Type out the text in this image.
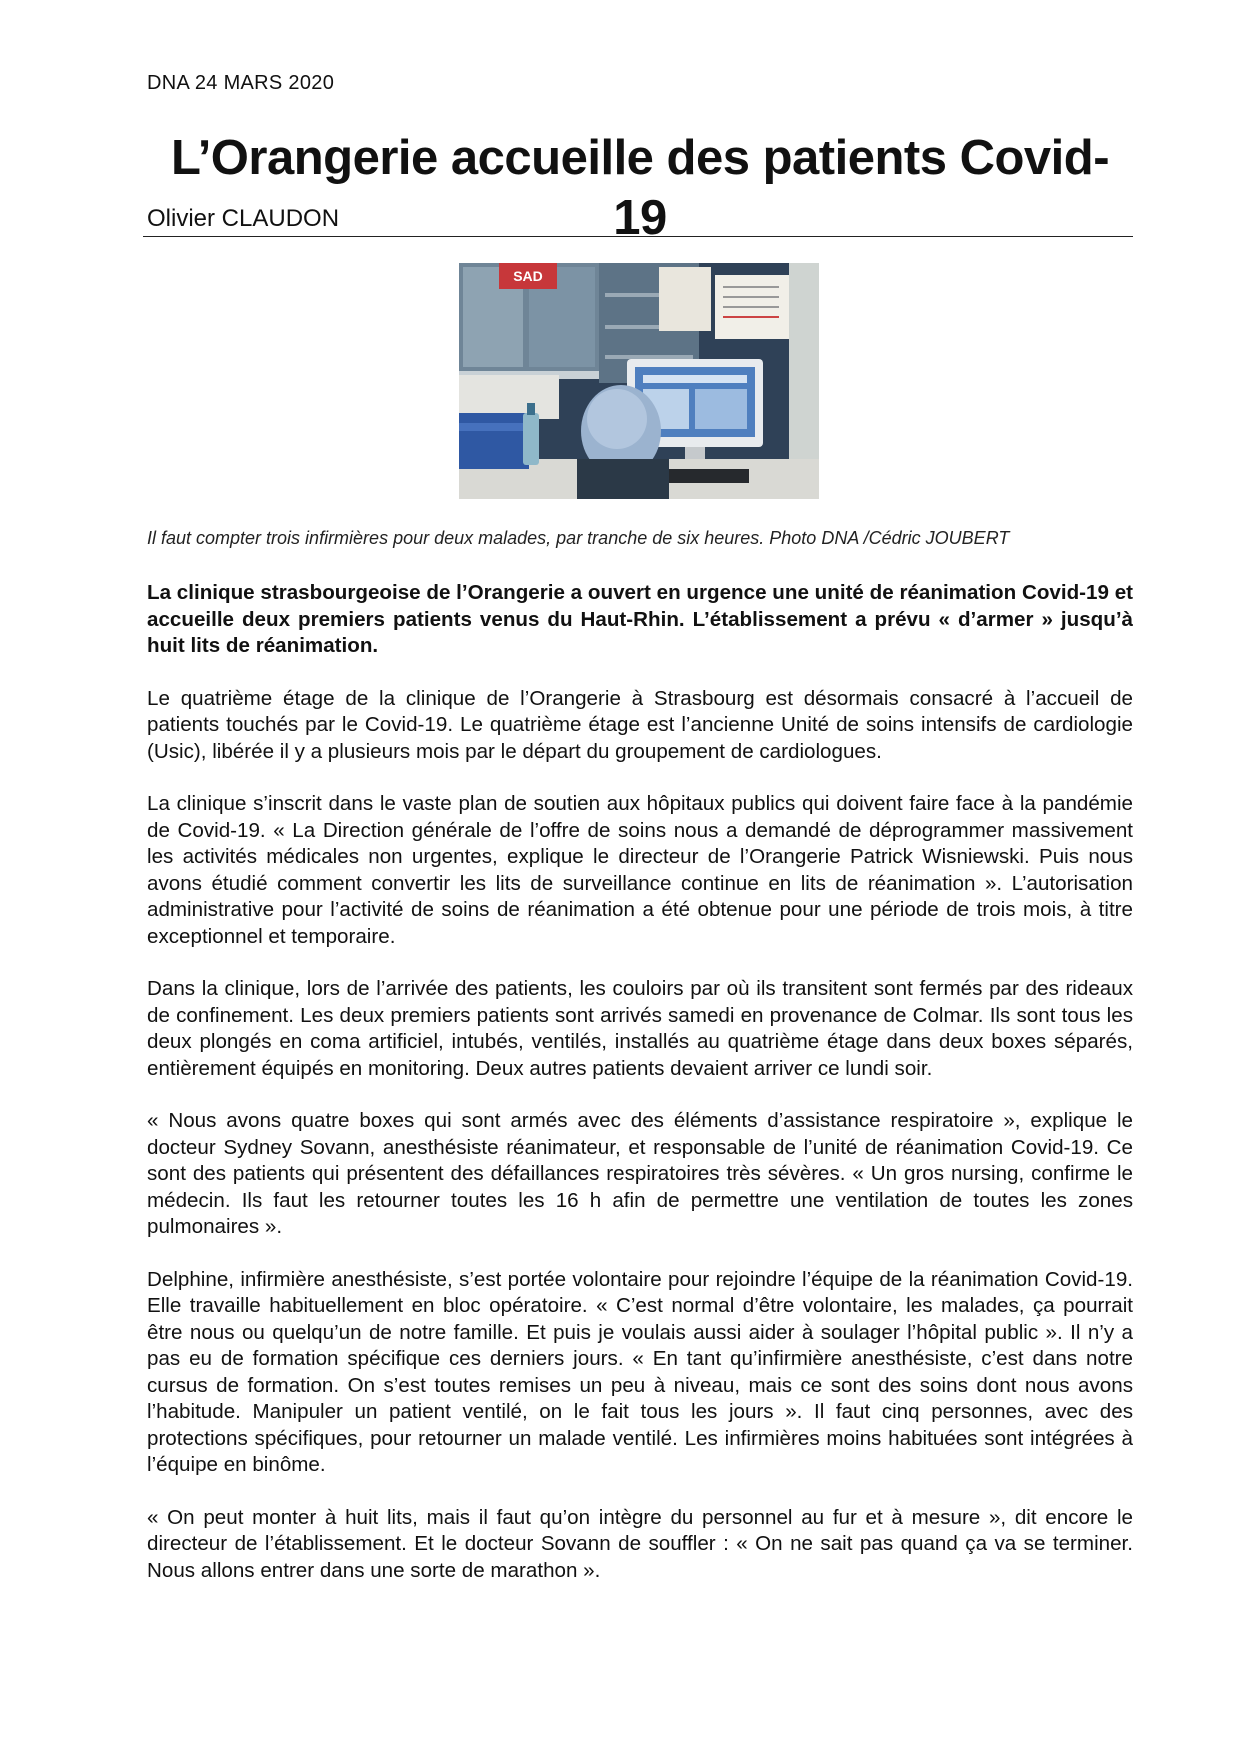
DNA 24 MARS 2020
L’Orangerie accueille des patients Covid-19
Olivier CLAUDON
SAD
Il faut compter trois infirmières pour deux malades, par tranche de six heures. Photo DNA /Cédric JOUBERT

La clinique strasbourgeoise de l’Orangerie a ouvert en urgence une unité de réanimation Covid-19 et accueille deux premiers patients venus du Haut-Rhin. L’établissement a prévu « d’armer » jusqu’à huit lits de réanimation.

Le quatrième étage de la clinique de l’Orangerie à Strasbourg est désormais consacré à l’accueil de patients touchés par le Covid-19. Le quatrième étage est l’ancienne Unité de soins intensifs de cardiologie (Usic), libérée il y a plusieurs mois par le départ du groupement de cardiologues.

La clinique s’inscrit dans le vaste plan de soutien aux hôpitaux publics qui doivent faire face à la pandémie de Covid-19. « La Direction générale de l’offre de soins nous a demandé de déprogrammer massivement les activités médicales non urgentes, explique le directeur de l’Orangerie Patrick Wisniewski. Puis nous avons étudié comment convertir les lits de surveillance continue en lits de réanimation ». L’autorisation administrative pour l’activité de soins de réanimation a été obtenue pour une période de trois mois, à titre exceptionnel et temporaire.

Dans la clinique, lors de l’arrivée des patients, les couloirs par où ils transitent sont fermés par des rideaux de confinement. Les deux premiers patients sont arrivés samedi en provenance de Colmar. Ils sont tous les deux plongés en coma artificiel, intubés, ventilés, installés au quatrième étage dans deux boxes séparés, entièrement équipés en monitoring. Deux autres patients devaient arriver ce lundi soir.

« Nous avons quatre boxes qui sont armés avec des éléments d’assistance respiratoire », explique le docteur Sydney Sovann, anesthésiste réanimateur, et responsable de l’unité de réanimation Covid-19. Ce sont des patients qui présentent des défaillances respiratoires très sévères. « Un gros nursing, confirme le médecin. Ils faut les retourner toutes les 16 h afin de permettre une ventilation de toutes les zones pulmonaires ».

Delphine, infirmière anesthésiste, s’est portée volontaire pour rejoindre l’équipe de la réanimation Covid-19. Elle travaille habituellement en bloc opératoire. « C’est normal d’être volontaire, les malades, ça pourrait être nous ou quelqu’un de notre famille. Et puis je voulais aussi aider à soulager l’hôpital public ». Il n’y a pas eu de formation spécifique ces derniers jours. « En tant qu’infirmière anesthésiste, c’est dans notre cursus de formation. On s’est toutes remises un peu à niveau, mais ce sont des soins dont nous avons l’habitude. Manipuler un patient ventilé, on le fait tous les jours ». Il faut cinq personnes, avec des protections spécifiques, pour retourner un malade ventilé. Les infirmières moins habituées sont intégrées à l’équipe en binôme.

« On peut monter à huit lits, mais il faut qu’on intègre du personnel au fur et à mesure », dit encore le directeur de l’établissement. Et le docteur Sovann de souffler : « On ne sait pas quand ça va se terminer. Nous allons entrer dans une sorte de marathon ».
